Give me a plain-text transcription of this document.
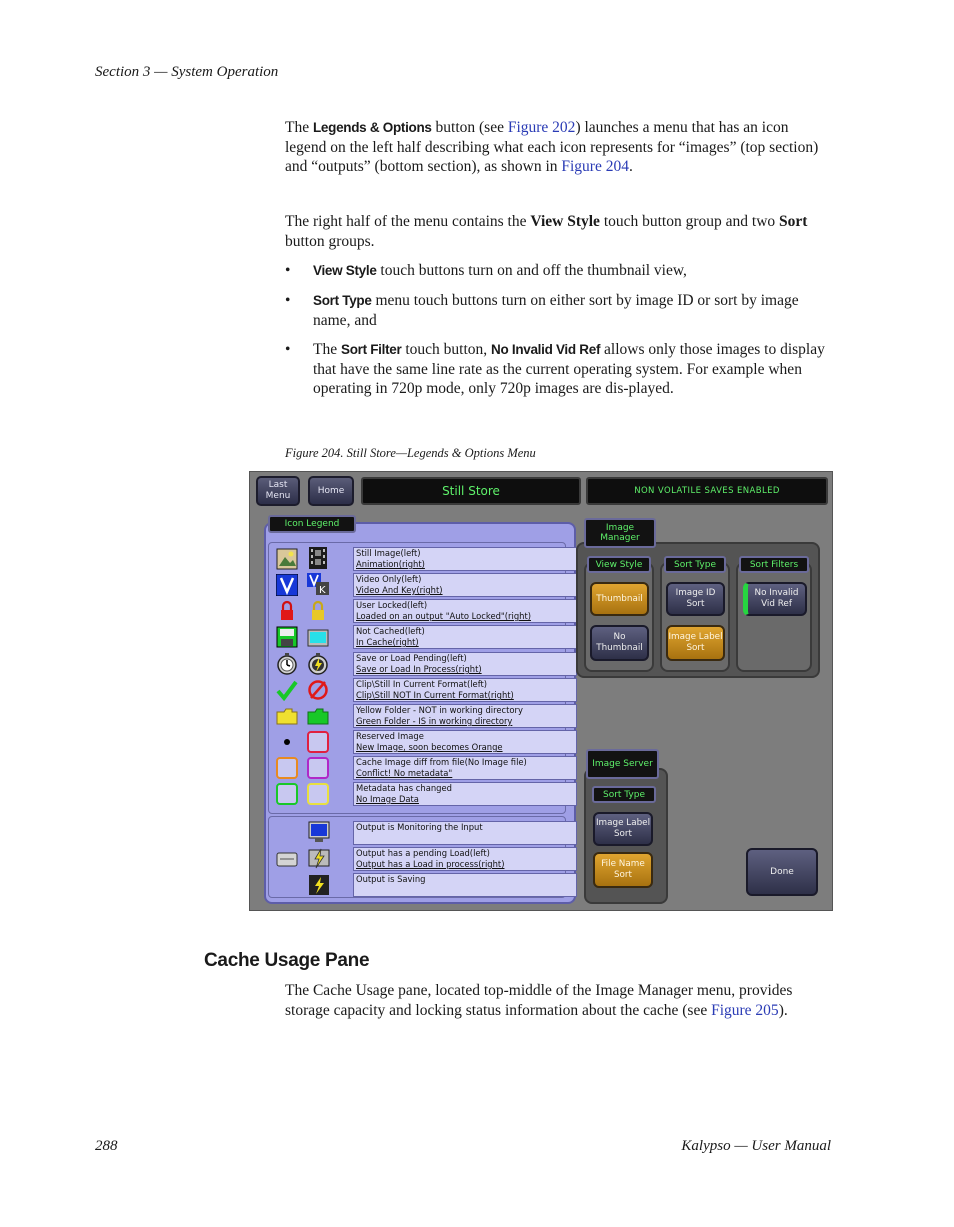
Section 3 — System Operation
The Legends & Options button (see Figure 202) launches a menu that has an icon legend on the left half describing what each icon represents for “images” (top section) and “outputs” (bottom section), as shown in Figure 204.
The right half of the menu contains the View Style touch button group and two Sort button groups.
• View Style touch buttons turn on and off the thumbnail view,
• Sort Type menu touch buttons turn on either sort by image ID or sort by image name, and
• The Sort Filter touch button, No Invalid Vid Ref allows only those images to display that have the same line rate as the current operating system. For example when operating in 720p mode, only 720p images are dis-played.
Figure 204. Still Store—Legends & Options Menu
Last Menu
Home	Still Store	NON VOLATILE SAVES ENABLED
Icon Legend
Still Image(left)
Animation(right)
Video Only(left)
Video And Key(right)
User Locked(left)
Loaded on an output "Auto Locked"(right)
Not Cached(left)
In Cache(right)
Save or Load Pending(left)
Save or Load In Process(right)
Clip\Still In Current Format(left)
Clip\Still NOT In Current Format(right)
Yellow Folder - NOT in working directory
Green Folder - IS in working directory
Reserved Image
New Image, soon becomes Orange
Cache Image diff from file(No Image file)
Conflict! No metadata"
Metadata has changed
No Image Data
K
Output is Monitoring the Input
Output has a pending Load(left)
Output has a Load in process(right)
Output is Saving
Image Manager
View Style
Thumbnail
No Thumbnail
Sort Type
Image ID Sort
Image Label Sort
Sort Filters
No Invalid Vid Ref
Image Server
Sort Type
Image Label Sort
File Name Sort	Done
Cache Usage Pane
The Cache Usage pane, located top-middle of the Image Manager menu, provides storage capacity and locking status information about the cache (see Figure 205).
288	Kalypso — User Manual
